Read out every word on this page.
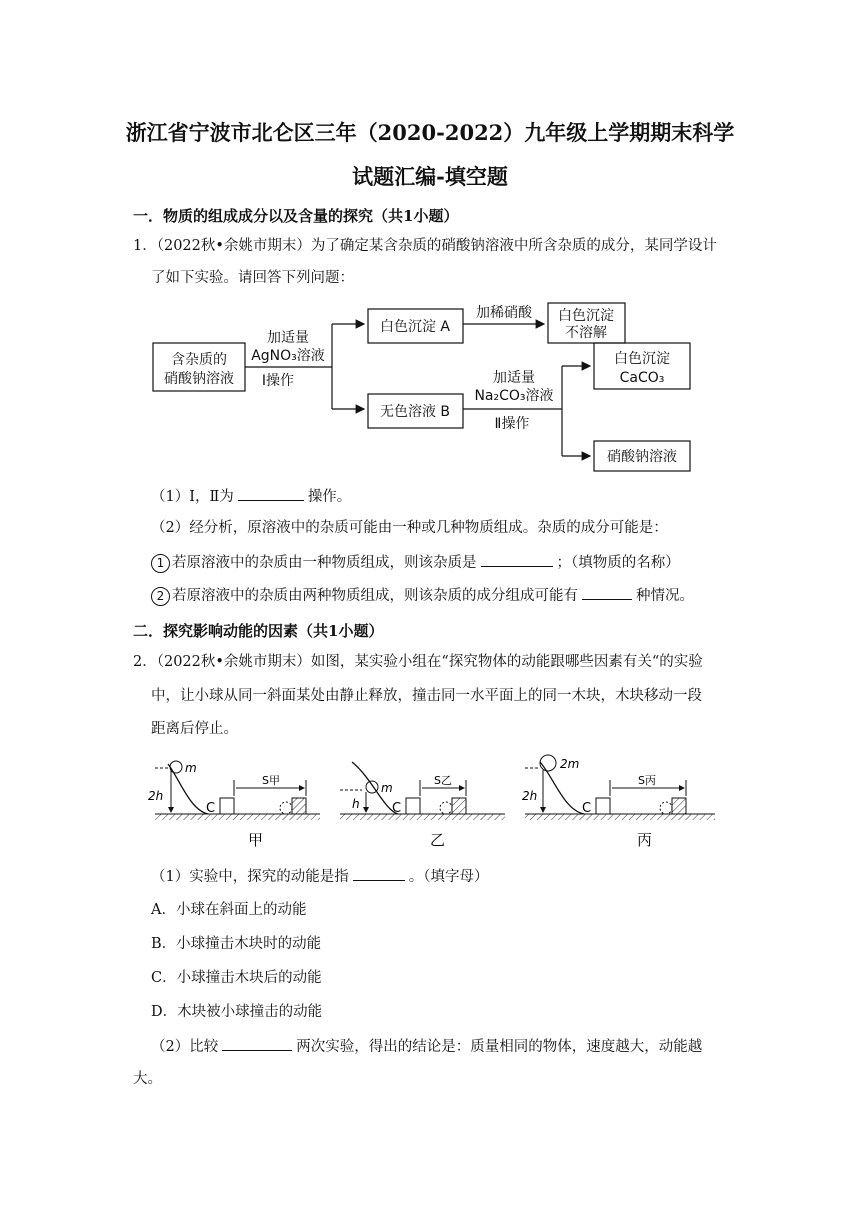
浙江省宁波市北仑区三年（2020-2022）九年级上学期期末科学
试题汇编-填空题
一．物质的组成成分以及含量的探究（共1小题）
1．（2022秋•余姚市期末）为了确定某含杂质的硝酸钠溶液中所含杂质的成分，某同学设计
了如下实验。请回答下列问题：
含杂质的
硝酸钠溶液
加适量
AgNO₃溶液
Ⅰ操作
白色沉淀 A
加稀硝酸 白色沉淀
不溶解
无色溶液 B
加适量
Na₂CO₃溶液
Ⅱ操作
白色沉淀
CaCO₃
硝酸钠溶液
（1）Ⅰ，Ⅱ为	操作。
（2）经分析，原溶液中的杂质可能由一种或几种物质组成。杂质的成分可能是：
1 若原溶液中的杂质由一种物质组成，则该杂质是	；（填物质的名称）
2 若原溶液中的杂质由两种物质组成，则该杂质的成分组成可能有	种情况。
二．探究影响动能的因素（共1小题）
2．（2022秋•余姚市期末）如图，某实验小组在“探究物体的动能跟哪些因素有关“的实验
中，让小球从同一斜面某处由静止释放，撞击同一水平面上的同一木块，木块移动一段
距离后停止。
m
2h
C
S甲
甲
m
h C
S乙
乙
2m
2h
C
S丙
丙
（1）实验中，探究的动能是指	。（填字母）
A．小球在斜面上的动能
B．小球撞击木块时的动能
C．小球撞击木块后的动能
D．木块被小球撞击的动能
（2）比较	两次实验，得出的结论是：质量相同的物体，速度越大，动能越
大。
